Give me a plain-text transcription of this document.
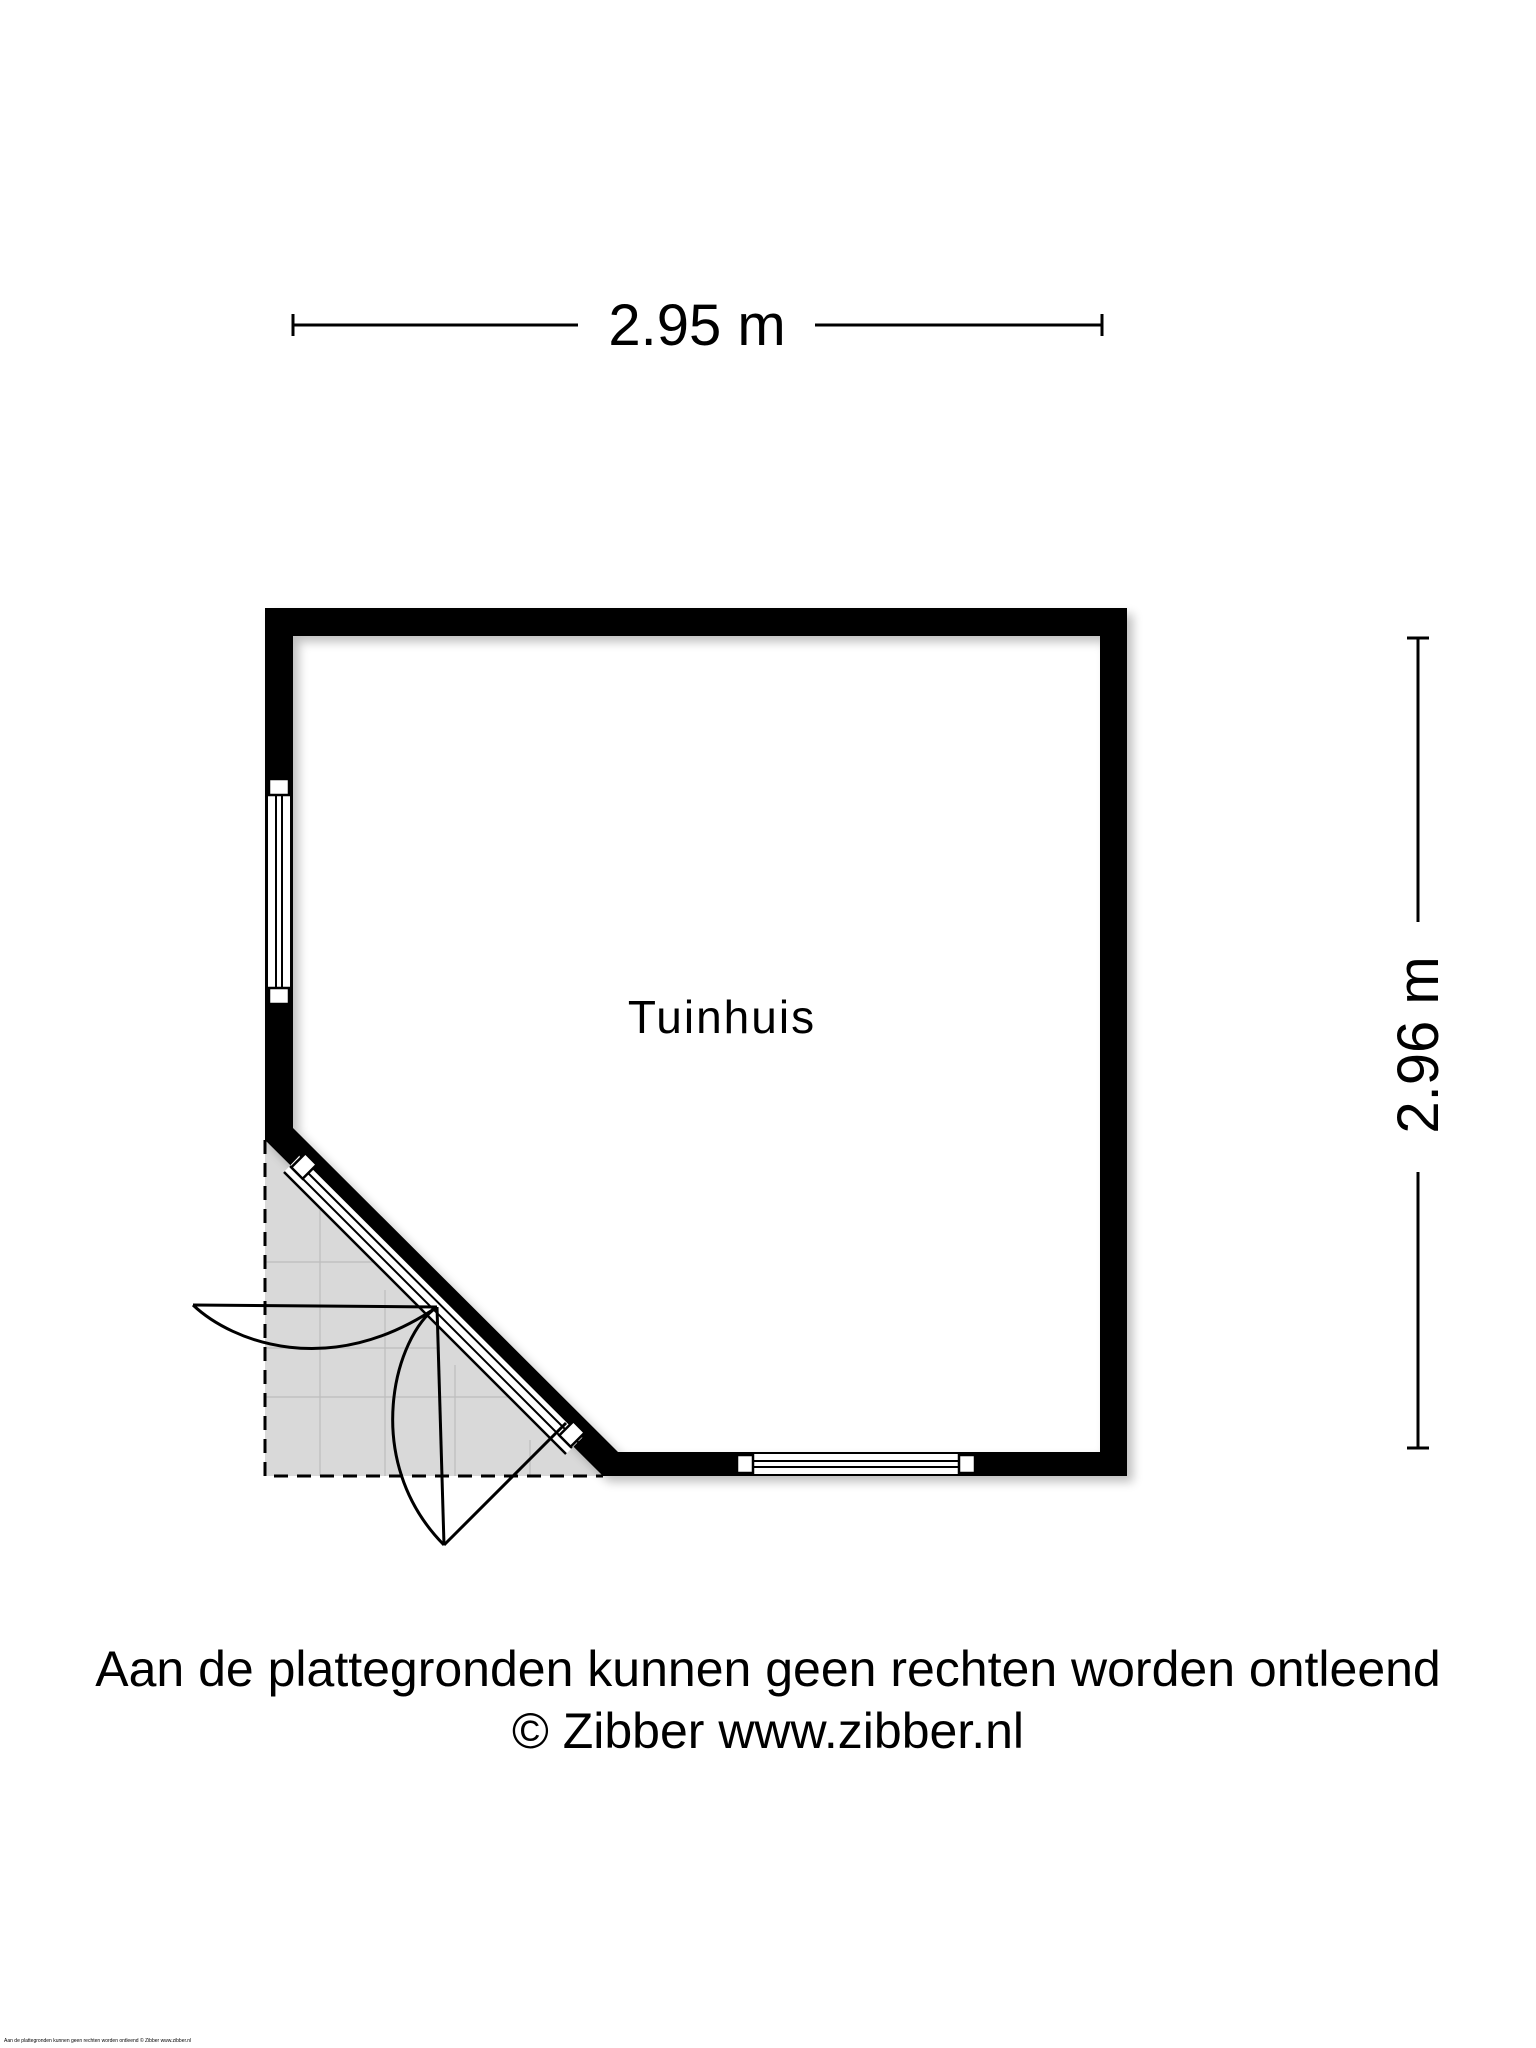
2.95 m
2.96 m
Tuinhuis
Aan de plattegronden kunnen geen rechten worden ontleend
© Zibber www.zibber.nl
Aan de plattegronden kunnen geen rechten worden ontleend © Zibber www.zibber.nl
